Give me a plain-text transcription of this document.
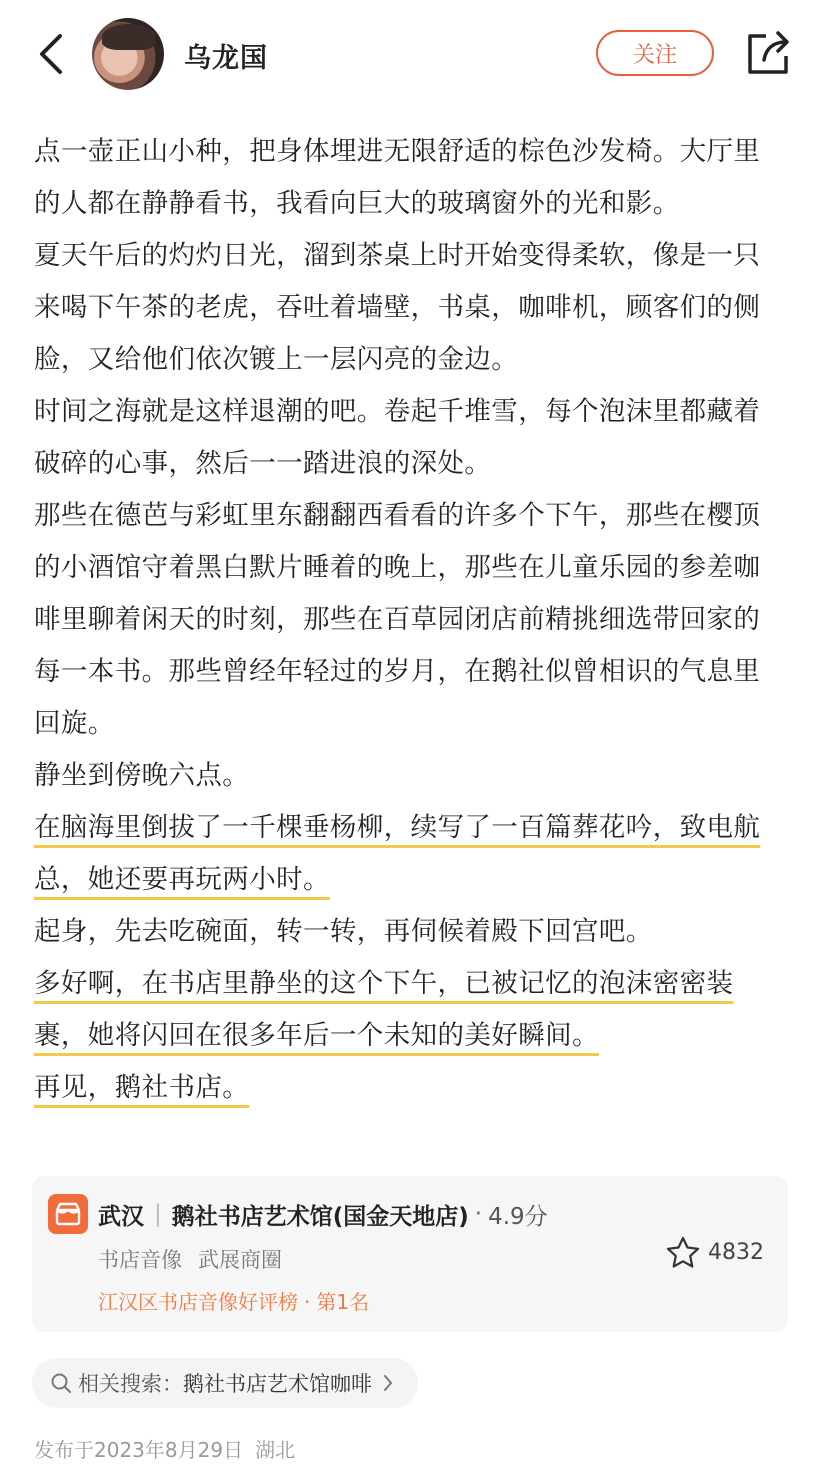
乌龙国	关注

点一壶正山小种，把身体埋进无限舒适的棕色沙发椅。大厅里的人都在静静看书，我看向巨大的玻璃窗外的光和影。

夏天午后的灼灼日光，溜到茶桌上时开始变得柔软，像是一只来喝下午茶的老虎，吞吐着墙壁，书桌，咖啡机，顾客们的侧脸，又给他们依次镀上一层闪亮的金边。

时间之海就是这样退潮的吧。卷起千堆雪，每个泡沫里都藏着破碎的心事，然后一一踏进浪的深处。

那些在德芭与彩虹里东翻翻西看看的许多个下午，那些在樱顶的小酒馆守着黑白默片睡着的晚上，那些在儿童乐园的参差咖啡里聊着闲天的时刻，那些在百草园闭店前精挑细选带回家的每一本书。那些曾经年轻过的岁月，在鹅社似曾相识的气息里回旋。

静坐到傍晚六点。

在脑海里倒拔了一千棵垂杨柳，续写了一百篇葬花吟，致电航总，她还要再玩两小时。

起身，先去吃碗面，转一转，再伺候着殿下回宫吧。

多好啊，在书店里静坐的这个下午，已被记忆的泡沫密密装裹，她将闪回在很多年后一个未知的美好瞬间。

再见，鹅社书店。

武汉 | 鹅社书店艺术馆(国金天地店) · 4.9分
书店音像 武展商圈
江汉区书店音像好评榜 · 第1名
4832
相关搜索： 鹅社书店艺术馆咖啡
发布于2023年8月29日 湖北
